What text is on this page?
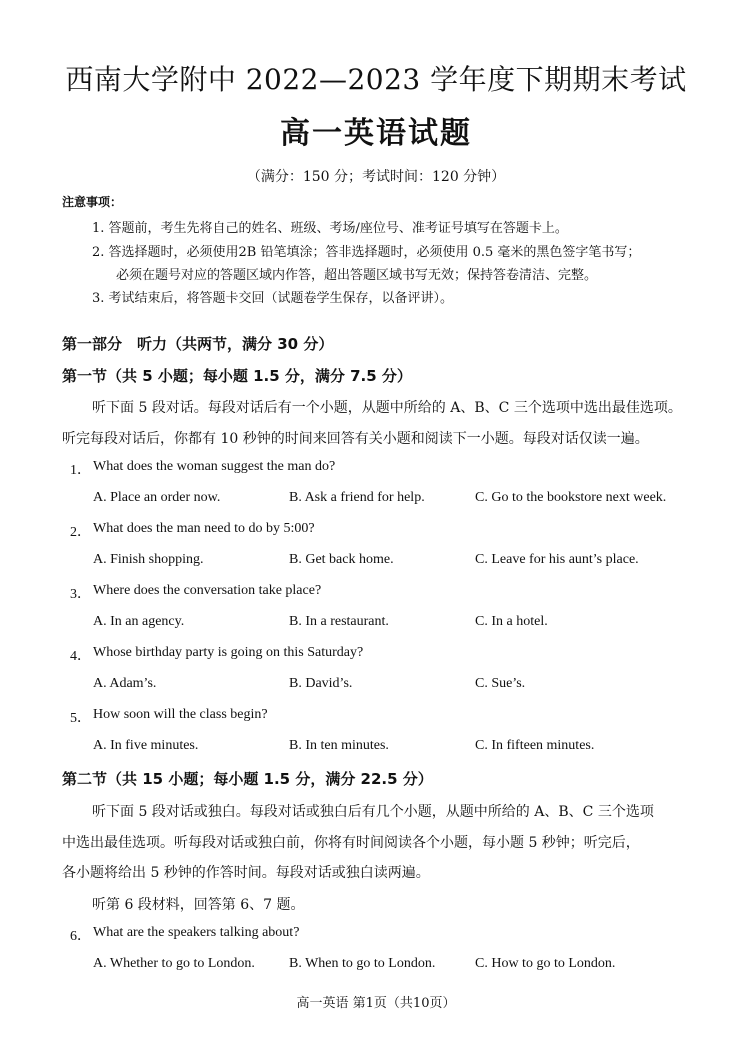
西南大学附中 2022—2023 学年度下期期末考试
高一英语试题
（满分：150 分；考试时间：120 分钟）
注意事项：
1. 答题前，考生先将自己的姓名、班级、考场/座位号、准考证号填写在答题卡上。
2. 答选择题时，必须使用2B 铅笔填涂；答非选择题时，必须使用 0.5 毫米的黑色签字笔书写；
必须在题号对应的答题区域内作答，超出答题区域书写无效；保持答卷清洁、完整。
3. 考试结束后，将答题卡交回（试题卷学生保存，以备评讲）。
第一部分　听力（共两节，满分 30 分）
第一节（共 5 小题；每小题 1.5 分，满分 7.5 分）
听下面 5 段对话。每段对话后有一个小题，从题中所给的 A、B、C 三个选项中选出最佳选项。
听完每段对话后，你都有 10 秒钟的时间来回答有关小题和阅读下一小题。每段对话仅读一遍。
1． What does the woman suggest the man do?
A. Place an order now.	B. Ask a friend for help.	C. Go to the bookstore next week.
2． What does the man need to do by 5:00?
A. Finish shopping.	B. Get back home.	C. Leave for his aunt’s place.
3． Where does the conversation take place?
A. In an agency.	B. In a restaurant.	C. In a hotel.
4． Whose birthday party is going on this Saturday?
A. Adam’s.	B. David’s.	C. Sue’s.
5． How soon will the class begin?
A. In five minutes.	B. In ten minutes.	C. In fifteen minutes.
第二节（共 15 小题；每小题 1.5 分，满分 22.5 分）
听下面 5 段对话或独白。每段对话或独白后有几个小题，从题中所给的 A、B、C 三个选项
中选出最佳选项。听每段对话或独白前，你将有时间阅读各个小题，每小题 5 秒钟；听完后，
各小题将给出 5 秒钟的作答时间。每段对话或独白读两遍。
听第 6 段材料，回答第 6、7 题。
6． What are the speakers talking about?
A. Whether to go to London. B. When to go to London.	C. How to go to London.
高一英语 第1页（共10页）
